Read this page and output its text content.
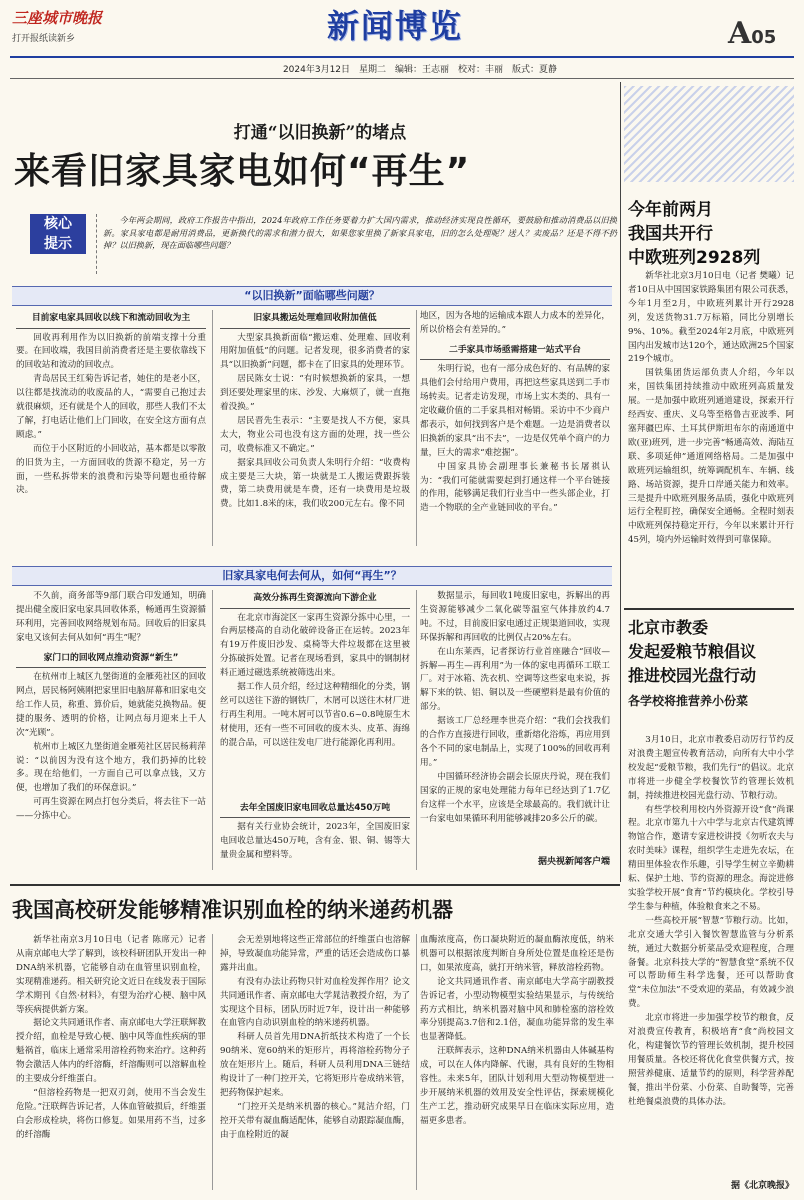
三座城市晚报
打开报纸读新乡	新闻博览	A05
2024年3月12日　星期二　编辑：王志丽　校对：丰丽　版式：夏静
打通“以旧换新”的堵点
来看旧家具家电如何“再生”
核心
提示
今年两会期间，政府工作报告中指出，2024年政府工作任务要着力扩大国内需求，推动经济实现良性循环，要鼓励和推动消费品以旧换新。家具家电都是耐用消费品，更新换代的需求和潜力很大，如果您家里换了新家具家电，旧的怎么处理呢？送人？卖废品？还是不得不扔掉？以旧换新，现在面临哪些问题？
“以旧换新”面临哪些问题？
目前家电家具回收以线下和流动回收为主

回收再利用作为以旧换新的前端支撑十分重要。在回收端，我国目前消费者还是主要依靠线下的回收站和流动的回收点。

青岛居民王红菊告诉记者，她住的是老小区，以往都是找流动的收废品的人，“需要自己抱过去就很麻烦，还有就是个人的回收，那些人我们不太了解，打电话让他们上门回收，在安全这方面有点顾虑。”

而位于小区附近的小回收站，基本都是以零散的旧货为主，一方面回收的货源不稳定，另一方面，一些私拆带来的浪费和污染等问题也亟待解决。

旧家具搬运处理难回收附加值低

大型家具换新面临“搬运难、处理难、回收利用附加值低”的问题。记者发现，很多消费者的家具“以旧换新”问题，都卡在了旧家具的处理环节。

居民陈女士说：“有时候想换新的家具，一想到还要处理家里的床、沙发、大麻烦了，就一直拖着没换。”

居民晋先生表示：“主要是找人不方便，家具太大，物业公司也没有这方面的处理，找一些公司，收费标准又不确定。”

据家具回收公司负责人朱明行介绍：“收费构成主要是三大块，第一块就是工人搬运费跟拆装费，第二块费用就是车费，还有一块费用是垃圾费。比如1.8米的床，我们收200元左右。像不同

地区，因为各地的运输成本跟人力成本的差异化，所以价格会有差异的。”

二手家具市场亟需搭建一站式平台

朱明行说，也有一部分成色好的、有品牌的家具他们会付给用户费用，再把这些家具送到二手市场转卖。记者走访发现，市场上实木类的、具有一定收藏价值的二手家具相对畅销。采访中不少商户都表示，如何找到客户是个难题。一边是消费者以旧换新的家具“出不去”，一边是仅凭单个商户的力量，巨大的需求“难挖掘”。

中国家具协会副理事长兼秘书长屠祺认为：“我们可能就需要起到打通这样一个平台链接的作用，能够满足我们行业当中一些头部企业，打造一个物联的全产业链回收的平台。”

旧家具家电何去何从，如何“再生”？

不久前，商务部等9部门联合印发通知，明确提出健全废旧家电家具回收体系，畅通再生资源循环利用，完善回收网络规划布局。回收后的旧家具家电又该何去何从如何“再生”呢？

家门口的回收网点推动资源“新生”

在杭州市上城区九堡街道的金雁苑社区的回收网点，居民杨阿姨刚把家里旧电脑屏幕和旧家电交给工作人员，称重、算价后，她就能兑换物品。便捷的服务、透明的价格，让网点每月迎来上千人次“光顾”。

杭州市上城区九堡街道金雁苑社区居民杨莉萍说：“以前因为没有这个地方，我们扔掉的比较多。现在给他们，一方面自己可以拿点钱，又方便，也增加了我们的环保意识。”

可再生资源在网点打包分类后，将去往下一站——分拣中心。

高效分拣再生资源流向下游企业

在北京市海淀区一家再生资源分拣中心里，一台两层楼高的自动化破碎设备正在运转。2023年有19万件废旧沙发、桌椅等大件垃圾都在这里被分拣破拆处置。记者在现场看到，家具中的钢制材料正通过磁选系统被筛选出来。

据工作人员介绍，经过这种精细化的分类，钢丝可以送往下游的钢铁厂，木屑可以送往木材厂进行再生利用。一吨木屑可以节省0.6~0.8吨原生木材使用，还有一些不可回收的废木头、皮革、海绵的混合品，可以送往发电厂进行能源化再利用。

去年全国废旧家电回收总量达450万吨

据有关行业协会统计，2023年，全国废旧家电回收总量达450万吨，含有金、银、铜、锡等大量贵金属和塑料等。

数据显示，每回收1吨废旧家电，拆解出的再生资源能够减少二氧化碳等温室气体排放约4.7吨。不过，目前废旧家电通过正规渠道回收，实现环保拆解和再回收的比例仅占20%左右。

在山东莱西，记者探访行业首座融合“回收—拆解—再生—再利用”为一体的家电再循环工联工厂。对于冰箱、洗衣机、空调等这些家电来说，拆解下来的铁、铝、铜以及一些硬塑料是最有价值的部分。

据该工厂总经理李世亮介绍：“我们会找我们的合作方直接进行回收，重新熔化浴炼，再应用到各个不同的家电制品上，实现了100%的回收再利用。”

中国循环经济协会副会长原庆丹说，现在我们国家的正规的家电处理能力每年已经达到了1.7亿台这样一个水平，应该是全球最高的。我们就计让一台家电如果循环利用能够减排20多公斤的碳。

据央视新闻客户端
今年前两月
我国共开行
中欧班列2928列

新华社北京3月10日电（记者 樊曦）记者10日从中国国家铁路集团有限公司获悉，今年1月至2月，中欧班列累计开行2928列，发送货物31.7万标箱，同比分别增长9%、10%。截至2024年2月底，中欧班列国内出发城市达120个，通达欧洲25个国家219个城市。

国铁集团货运部负责人介绍，今年以来，国铁集团持续推动中欧班列高质量发展。一是加强中欧班列通道建设，探索开行经西安、重庆、义乌等至格鲁吉亚波季、阿塞拜疆巴库、土耳其伊斯坦布尔的南通道中欧(亚)班列，进一步完善“畅通高效、海陆互联、多项延伸”通道网络格局。二是加强中欧班列运输组织，统筹调配机车、车辆、线路、场站资源，提升口岸通关能力和效率。三是提升中欧班列服务品质，强化中欧班列运行全程盯控，确保安全通畅。全程时刻表中欧班列保持稳定开行，今年以来累计开行45列，境内外运输时效得到可靠保障。

北京市教委
发起爱粮节粮倡议
推进校园光盘行动
各学校将推营养小份菜

3月10日，北京市教委启动厉行节约反对浪费主题宣传教育活动，向所有大中小学校发起“爱粮节粮，我们先行”的倡议。北京市将进一步健全学校餐饮节约管理长效机制，持续推进校园光盘行动、节粮行动。

有些学校利用校内外资源开设“食”尚课程。北京市第九十六中学与北京古代建筑博物馆合作，邀请专家进校讲授《勿听农夫与农时美味》课程，组织学生走进先农坛，在精田里体验农作乐趣，引导学生树立辛勤耕耘、保护土地、节约资源的理念。海淀进修实验学校开展“食育”节约模块化。学校引导学生参与种植，体验粮食来之不易。

一些高校开展“智慧”节粮行动。比如，北京交通大学引入餐饮智慧监管与分析系统，通过大数据分析菜品受欢迎程度，合理备餐。北京科技大学的“智慧食堂”系统不仅可以帮助师生科学选餐，还可以帮助食堂“未位加法”不受欢迎的菜品，有效减少浪费。

北京市将进一步加强学校节约粮食，反对浪费宣传教育，积极培育“食”尚校园文化，构建餐饮节约管理长效机制，提升校园用餐质量。各校还将优化食堂供餐方式，按照营养健康、适量节约的原则，科学营养配餐，推出半份菜、小份菜、自助餐等，完善杜绝餐桌浪费的具体办法。

据《北京晚报》
我国高校研发能够精准识别血栓的纳米递药机器

新华社南京3月10日电（记者 陈席元）记者从南京邮电大学了解到，该校科研团队开发出一种DNA纳米机器，它能够自动在血管里识别血栓，实现精准递药。相关研究论文近日在线发表于国际学术期刊《自然·材料》，有望为治疗心梗、脑中风等疾病提供新方案。

据论文共同通讯作者、南京邮电大学汪联辉教授介绍，血栓是导致心梗、脑中风等血性疾病的罪魁祸首，临床上通常采用溶栓药物来治疗。这种药物会激活人体内的纤溶酶，纤溶酶则可以溶解血栓的主要成分纤维蛋白。

“但溶栓药物是一把双刃剑，使用不当会发生危险。”汪联辉告诉记者，人体血管破损后，纤维蛋白会形成栓块，将伤口修复。如果用药不当，过多的纤溶酶

会无差别地将这些正常部位的纤维蛋白也溶解掉，导致凝血功能异常，严重的话还会造成伤口暴露并出血。

有没有办法让药物只针对血栓发挥作用？论文共同通讯作者、南京邮电大学晁洁教授介绍，为了实现这个目标，团队历时近7年，设计出一种能够在血管内自动识别血栓的纳米递药机器。

科研人员首先用DNA折纸技术构造了一个长90纳米、宽60纳米的矩形片，再将溶栓药物分子放在矩形片上。随后，科研人员利用DNA三链结构设计了一种门控开关，它将矩形片卷成纳米管，把药物保护起来。

“门控开关是纳米机器的核心。”晁洁介绍，门控开关带有凝血酶适配体，能够自动跟踪凝血酶，由于血栓附近的凝

血酶浓度高，伤口凝块附近的凝血酶浓度低，纳米机器可以根据浓度判断自身所处位置是血栓还是伤口，如果浓度高，就打开纳米管，释放溶栓药物。

论文共同通讯作者、南京邮电大学高宇副教授告诉记者，小型动物模型实验结果显示，与传统给药方式相比，纳米机器对脑中风和肺栓塞的溶栓效率分别提高3.7倍和2.1倍，凝血功能异常的发生率也显著降低。

汪联辉表示，这种DNA纳米机器由人体碱基构成，可以在人体内降解、代谢，具有良好的生物相容性。未来5年，团队计划利用大型动物模型进一步开展纳米机器的效用及安全性评估，探索规模化生产工艺，推动研究成果早日在临床实际应用，造福更多患者。
